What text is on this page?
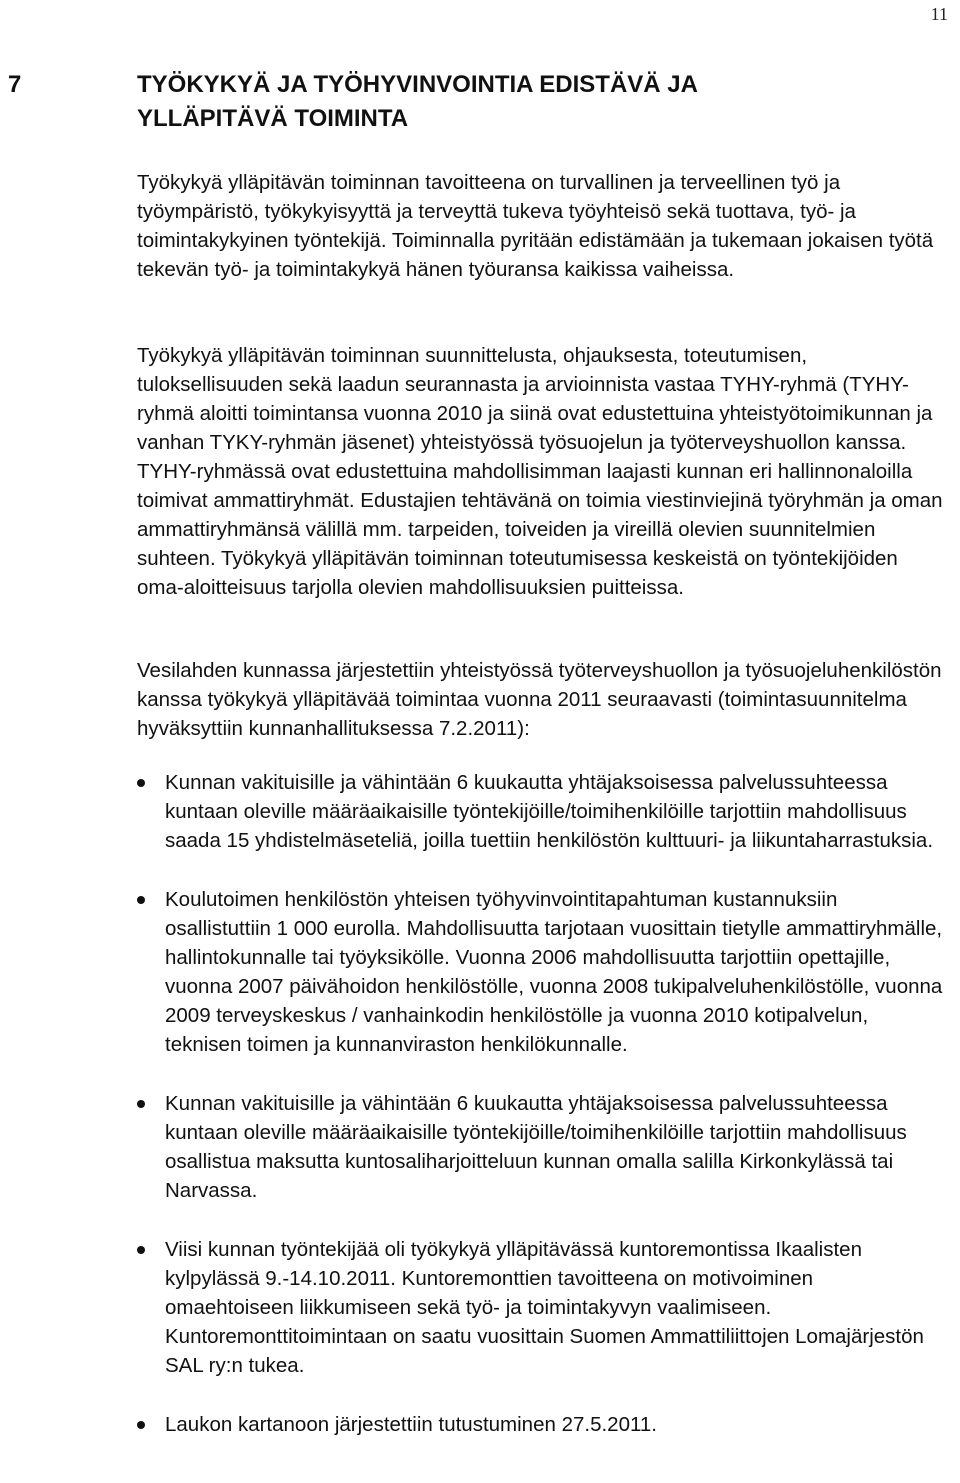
11
7	TYÖKYKYÄ JA TYÖHYVINVOINTIA EDISTÄVÄ JA
YLLÄPITÄVÄ TOIMINTA

Työkykyä ylläpitävän toiminnan tavoitteena on turvallinen ja terveellinen työ ja työympäristö, työkykyisyyttä ja terveyttä tukeva työyhteisö sekä tuottava, työ- ja toimintakykyinen työntekijä. Toiminnalla pyritään edistämään ja tukemaan jokaisen työtä tekevän työ- ja toimintakykyä hänen työuransa kaikissa vaiheissa.

Työkykyä ylläpitävän toiminnan suunnittelusta, ohjauksesta, toteutumisen, tuloksellisuuden sekä laadun seurannasta ja arvioinnista vastaa TYHY-ryhmä (TYHY-ryhmä aloitti toimintansa vuonna 2010 ja siinä ovat edustettuina yhteistyötoimikunnan ja vanhan TYKY-ryhmän jäsenet) yhteistyössä työsuojelun ja työterveyshuollon kanssa. TYHY-ryhmässä ovat edustettuina mahdollisimman laajasti kunnan eri hallinnonaloilla toimivat ammattiryhmät. Edustajien tehtävänä on toimia viestinviejinä työryhmän ja oman ammattiryhmänsä välillä mm. tarpeiden, toiveiden ja vireillä olevien suunnitelmien suhteen. Työkykyä ylläpitävän toiminnan toteutumisessa keskeistä on työntekijöiden oma-aloitteisuus tarjolla olevien mahdollisuuksien puitteissa.

Vesilahden kunnassa järjestettiin yhteistyössä työterveyshuollon ja työsuojeluhenkilöstön kanssa työkykyä ylläpitävää toimintaa vuonna 2011 seuraavasti (toimintasuunnitelma hyväksyttiin kunnanhallituksessa 7.2.2011):

Kunnan vakituisille ja vähintään 6 kuukautta yhtäjaksoisessa palvelussuhteessa kuntaan oleville määräaikaisille työntekijöille/toimihenkilöille tarjottiin mahdollisuus saada 15 yhdistelmäseteliä, joilla tuettiin henkilöstön kulttuuri- ja liikuntaharrastuksia.
Koulutoimen henkilöstön yhteisen työhyvinvointitapahtuman kustannuksiin osallistuttiin 1 000 eurolla. Mahdollisuutta tarjotaan vuosittain tietylle ammattiryhmälle, hallintokunnalle tai työyksikölle. Vuonna 2006 mahdollisuutta tarjottiin opettajille, vuonna 2007 päivähoidon henkilöstölle, vuonna 2008 tukipalveluhenkilöstölle, vuonna 2009 terveyskeskus / vanhainkodin henkilöstölle ja vuonna 2010 kotipalvelun, teknisen toimen ja kunnanviraston henkilökunnalle.
Kunnan vakituisille ja vähintään 6 kuukautta yhtäjaksoisessa palvelussuhteessa kuntaan oleville määräaikaisille työntekijöille/toimihenkilöille tarjottiin mahdollisuus osallistua maksutta kuntosaliharjoitteluun kunnan omalla salilla Kirkonkylässä tai Narvassa.
Viisi kunnan työntekijää oli työkykyä ylläpitävässä kuntoremontissa Ikaalisten kylpylässä 9.-14.10.2011. Kuntoremonttien tavoitteena on motivoiminen omaehtoiseen liikkumiseen sekä työ- ja toimintakyvyn vaalimiseen. Kuntoremonttitoimintaan on saatu vuosittain Suomen Ammattiliittojen Lomajärjestön SAL ry:n tukea.
Laukon kartanoon järjestettiin tutustuminen 27.5.2011.
